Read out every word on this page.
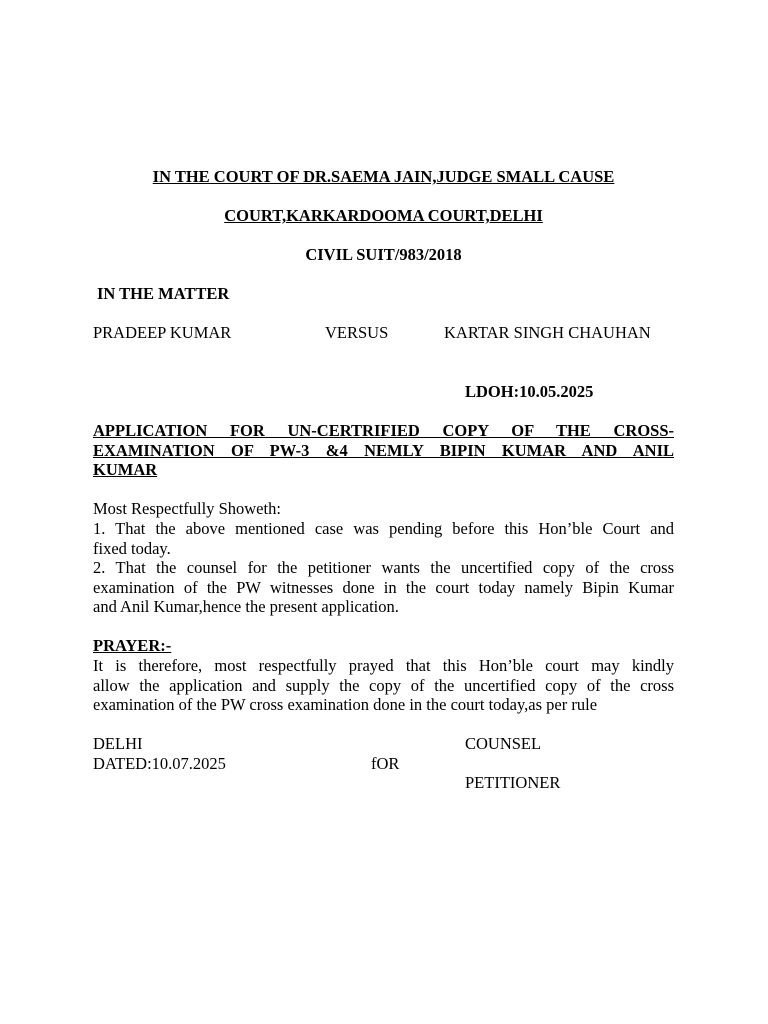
IN THE COURT OF DR.SAEMA JAIN,JUDGE SMALL CAUSE
COURT,KARKARDOOMA COURT,DELHI
CIVIL SUIT/983/2018
IN THE MATTER
PRADEEP KUMAR	VERSUS	KARTAR SINGH CHAUHAN
LDOH:10.05.2025
APPLICATION FOR UN-CERTRIFIED COPY OF THE CROSS-
EXAMINATION OF PW-3 &4 NEMLY BIPIN KUMAR AND ANIL
KUMAR
Most Respectfully Showeth:
1. That the above mentioned case was pending before this Hon’ble Court and
fixed today.
2. That the counsel for the petitioner wants the uncertified copy of the cross
examination of the PW witnesses done in the court today namely Bipin Kumar
and Anil Kumar,hence the present application.
PRAYER:-
It is therefore, most respectfully prayed that this Hon’ble court may kindly
allow the application and supply the copy of the uncertified copy of the cross
examination of the PW cross examination done in the court today,as per rule
DELHI	COUNSEL
DATED:10.07.2025	fOR
PETITIONER
